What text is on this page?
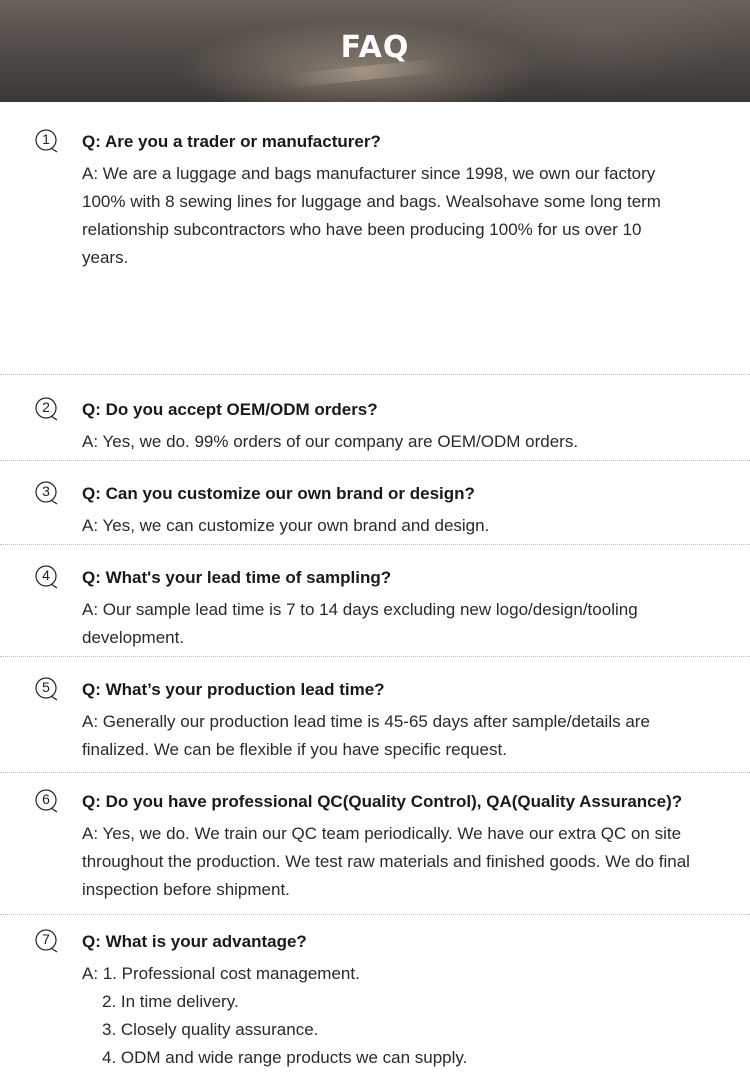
FAQ
1	Q: Are you a trader or manufacturer?

A: We are a luggage and bags manufacturer since 1998, we own our factory
100% with 8 sewing lines for luggage and bags. Wealsohave some long term
relationship subcontractors who have been producing 100% for us over 10
years.

2	Q: Do you accept OEM/ODM orders?

A: Yes, we do. 99% orders of our company are OEM/ODM orders.

3	Q: Can you customize our own brand or design?

A: Yes, we can customize your own brand and design.

4	Q: What's your lead time of sampling?

A: Our sample lead time is 7 to 14 days excluding new logo/design/tooling
development.

5	Q: What’s your production lead time?

A: Generally our production lead time is 45-65 days after sample/details are
finalized. We can be flexible if you have specific request.

6	Q: Do you have professional QC(Quality Control), QA(Quality Assurance)?

A: Yes, we do. We train our QC team periodically. We have our extra QC on site
throughout the production. We test raw materials and finished goods. We do final
inspection before shipment.

7	Q: What is your advantage?

A: 1. Professional cost management.
2. In time delivery.
3. Closely quality assurance.
4. ODM and wide range products we can supply.
